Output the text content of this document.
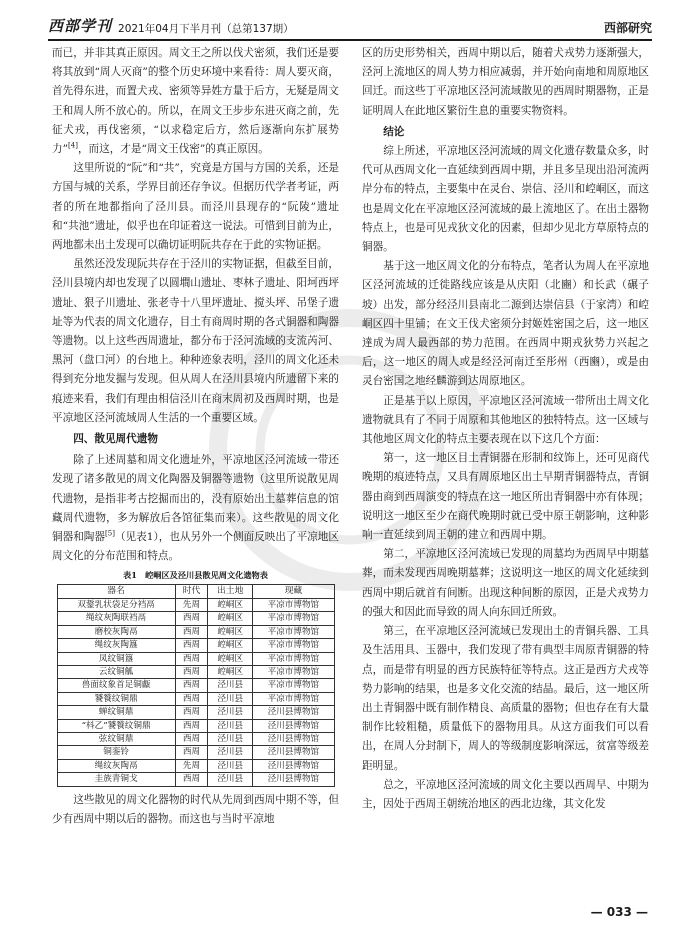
西部学刊 2021年04月下半月刊（总第137期）	西部研究

而已，并非其真正原因。周文王之所以伐犬密须，我们还是要将其放到“周人灭商”的整个历史环境中来看待：周人要灭商，首先得东进，而置犬戎、密须等异姓方量于后方，无疑是周文王和周人所不放心的。所以，在周文王步步东进灭商之前，先征犬戎，再伐密须，“以求稳定后方，然后逐渐向东扩展势力”[4]，而这，才是“周文王伐密”的真正原因。

这里所说的“阮”和“共”，究竟是方国与方国的关系，还是方国与城的关系，学界目前还存争议。但据历代学者考证，两者的所在地都指向了泾川县。而泾川县现存的“阮陵”遗址和“共池”遗址，似乎也在印证着这一说法。可惜到目前为止，两地都未出土发现可以确切证明阮共存在于此的实物证据。

虽然还没发现阮共存在于泾川的实物证据，但截至目前，泾川县境内却也发现了以圆墹山遗址、枣林子遗址、阳坷西坪遗址、狠子川遗址、张老寺十八里坪遗址、搅头坪、吊堡子遗址等为代表的周文化遗存，目土有商周时期的各式铜器和陶器等遗物。以上这些西周遗址，都分布于泾河流域的支流芮河、黑河（盘口河）的台地上。种种迹象表明，泾川的周文化还未得到充分地发掘与发现。但从周人在泾川县境内所遗留下来的痕迹来看，我们有理由相信泾川在商末周初及西周时期，也是平凉地区泾河流域周人生活的一个重要区域。

四、散见周代遗物

除了上述周墓和周文化遗址外，平凉地区泾河流域一带还发现了诸多散见的周文化陶器及铜器等遗物（这里所说散见周代遗物，是指非考古挖掘而出的，没有原始出土墓葬信息的馆藏周代遗物，多为解放后各馆征集而来）。这些散见的周文化铜器和陶器[5]（见表1），也从另外一个侧面反映出了平凉地区周文化的分布范围和特点。

表1　崆峒区及泾川县散见周文化遗物表
器名	时代	出土地	现藏
双鋬乳状袋足分裆鬲	先周	崆峒区	平凉市博物馆
绳纹灰陶联裆鬲	西周	崆峒区	平凉市博物馆
磨校灰陶鬲	西周	崆峒区	平凉市博物馆
绳纹灰陶簋	西周	崆峒区	平凉市博物馆
凤纹铜簋	西周	崆峒区	平凉市博物馆
云纹铜觚	西周	崆峒区	平凉市博物馆
兽面纹象首足铜甗	西周	泾川县	平凉市博物馆
饕餮纹铜鼎	西周	泾川县	平凉市博物馆
蝉纹铜鼎	西周	泾川县	泾川县博物馆
“枓乙”饕餮纹铜鼎	西周	泾川县	泾川县博物馆
弦纹铜鼎	西周	泾川县	泾川县博物馆
铜銮铃	西周	泾川县	泾川县博物馆
绳纹灰陶鬲	先周	泾川县	泾川县博物馆
圭族青铜戈	西周	泾川县	泾川县博物馆

这些散见的周文化器物的时代从先周到西周中期不等，但少有西周中期以后的器物。而这也与当时平凉地

区的历史形势相关，西周中期以后，随着犬戎势力逐渐强大，泾河上流地区的周人势力相应减弱，并开始向南地和周原地区回迁。而这些丁平凉地区泾河流域散见的西周时期器物，正是证明周人在此地区繁衍生息的重要实物资料。

结论

综上所述，平凉地区泾河流域的周文化遗存数量众多，时代可从西周文化一直延续到西周中期，并且多呈现出沿河流两岸分布的特点，主要集中在灵台、崇信、泾川和崆峒区，而这也是周文化在平凉地区泾河流域的最上流地区了。在出土器物特点上，也是可见戎狄文化的因素，但却少见北方草原特点的铜器。

基于这一地区周文化的分布特点，笔者认为周人在平凉地区泾河流域的迁徙路线应该是从庆阳（北豳）和长武（碾子坡）出发，部分经泾川县南北二源到达崇信县（于家湾）和崆峒区四十里铺；在文王伐犬密须分封姬姓密国之后，这一地区達成为周人最西部的势力范围。在西周中期戎狄势力兴起之后，这一地区的周人或是经泾河南迁至彤州（西豳），或是由灵台密国之地经麟游到达周原地区。

正是基于以上原因，平凉地区泾河流域一带所出土周文化遗物就具有了不同于周原和其他地区的独特特点。这一区域与其他地区周文化的特点主要表现在以下这几个方面：

第一，这一地区目土青铜器在形制和纹饰上，还可见商代晚期的痕迹特点，又具有周原地区出土早期青铜器特点，青铜器由商到西周演变的特点在这一地区所出青铜器中亦有体现；说明这一地区至少在商代晚期时就已受中原王朝影响，这种影响一直延续到周王朝的建立和西周中期。

第二，平凉地区泾河流域已发现的周墓均为西周早中期墓葬，而未发现西周晚期墓葬；这说明这一地区的周文化延续到西周中期后就首有间断。出现这种间断的原因，正是犬戎势力的强大和因此而导致的周人向东回迁所致。

第三，在平凉地区泾河流域已发现出土的青铜兵器、工具及生活用具、玉器中，我们发现了带有典型丰周原青铜器的特点，而是带有明显的西方民族特征等特点。这正是西方犬戎等势力影响的结果，也是多文化交流的结晶。最后，这一地区所出土青铜器中既有制作精良、高质量的器物；但也存在有大量制作比较粗糙，质量低下的器物用具。从这方面我们可以看出，在周人分封制下，周人的等级制度影响深远，贫富等级差距明显。

总之，平凉地区泾河流域的周文化主要以西周早、中期为主，因处于西周王朝统治地区的西北边缘，其文化发

— 033 —
